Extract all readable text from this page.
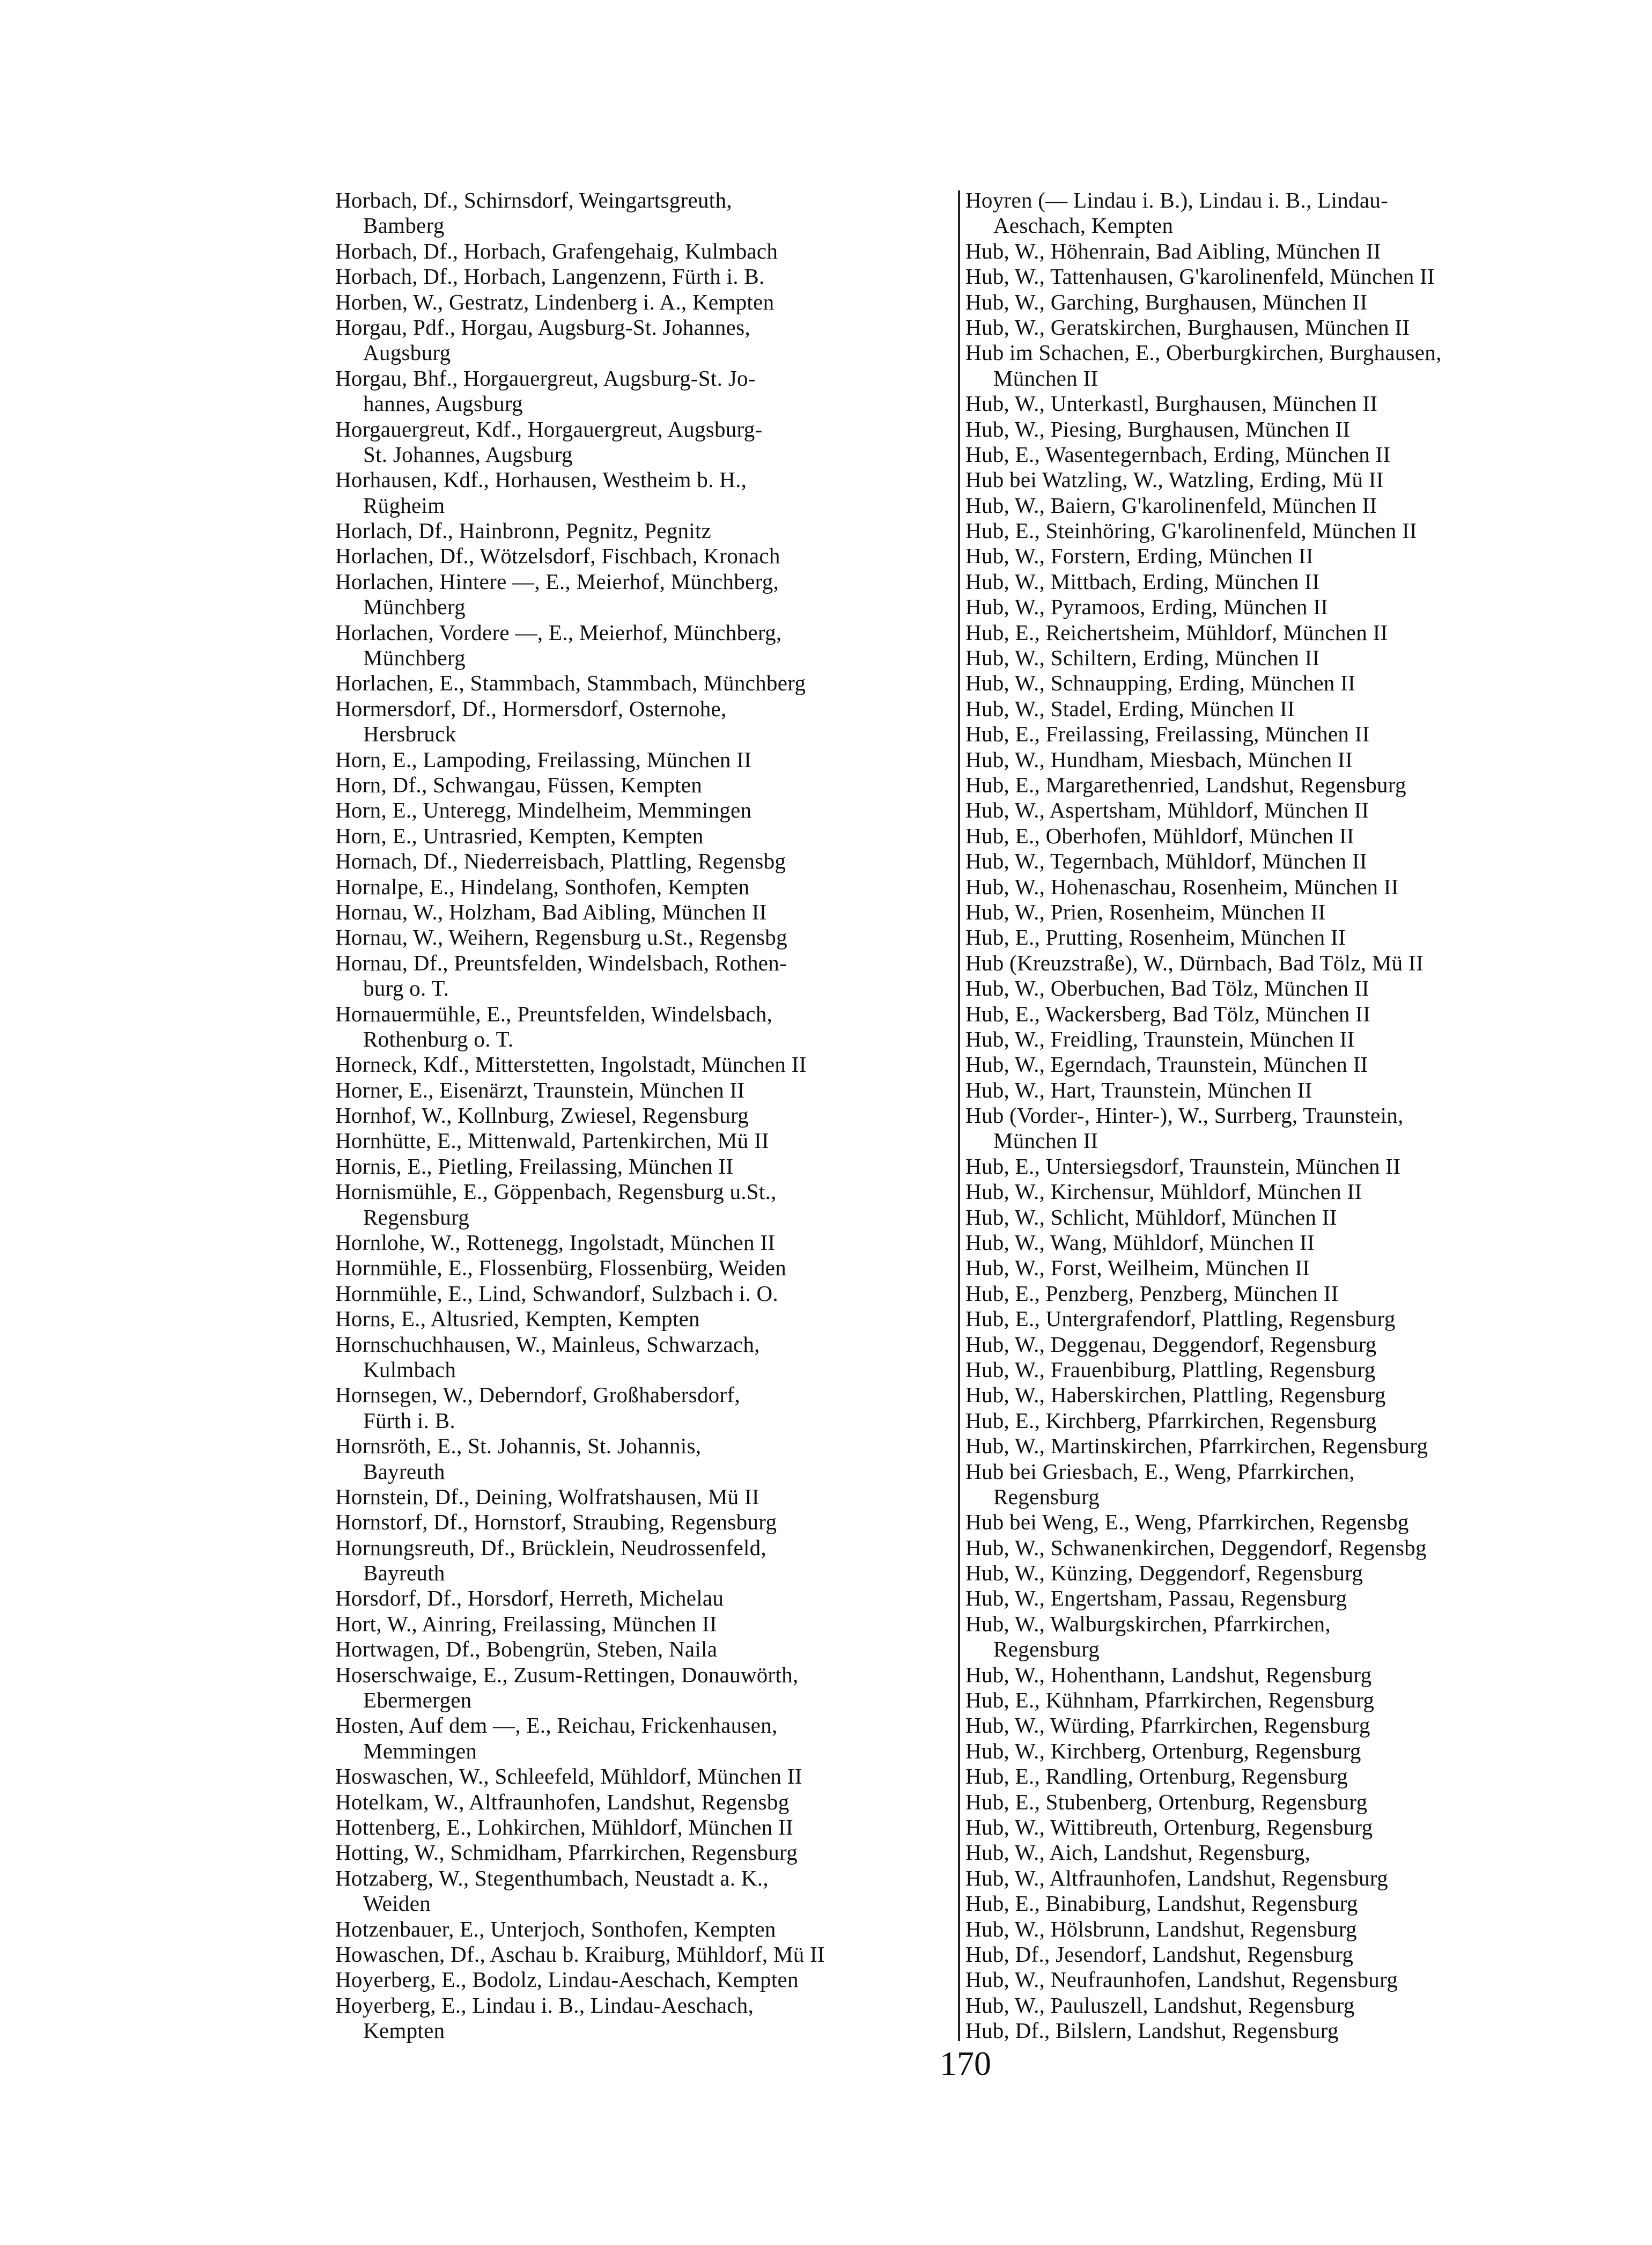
Horbach, Df., Schirnsdorf, Weingartsgreuth,
Bamberg
Horbach, Df., Horbach, Grafengehaig, Kulmbach
Horbach, Df., Horbach, Langenzenn, Fürth i. B.
Horben, W., Gestratz, Lindenberg i. A., Kempten
Horgau, Pdf., Horgau, Augsburg-St. Johannes,
Augsburg
Horgau, Bhf., Horgauergreut, Augsburg-St. Jo-
hannes, Augsburg
Horgauergreut, Kdf., Horgauergreut, Augsburg-
St. Johannes, Augsburg
Horhausen, Kdf., Horhausen, Westheim b. H.,
Rügheim
Horlach, Df., Hainbronn, Pegnitz, Pegnitz
Horlachen, Df., Wötzelsdorf, Fischbach, Kronach
Horlachen, Hintere —, E., Meierhof, Münchberg,
Münchberg
Horlachen, Vordere —, E., Meierhof, Münchberg,
Münchberg
Horlachen, E., Stammbach, Stammbach, Münchberg
Hormersdorf, Df., Hormersdorf, Osternohe,
Hersbruck
Horn, E., Lampoding, Freilassing, München II
Horn, Df., Schwangau, Füssen, Kempten
Horn, E., Unteregg, Mindelheim, Memmingen
Horn, E., Untrasried, Kempten, Kempten
Hornach, Df., Niederreisbach, Plattling, Regensbg
Hornalpe, E., Hindelang, Sonthofen, Kempten
Hornau, W., Holzham, Bad Aibling, München II
Hornau, W., Weihern, Regensburg u.St., Regensbg
Hornau, Df., Preuntsfelden, Windelsbach, Rothen-
burg o. T.
Hornauermühle, E., Preuntsfelden, Windelsbach,
Rothenburg o. T.
Horneck, Kdf., Mitterstetten, Ingolstadt, München II
Horner, E., Eisenärzt, Traunstein, München II
Hornhof, W., Kollnburg, Zwiesel, Regensburg
Hornhütte, E., Mittenwald, Partenkirchen, Mü II
Hornis, E., Pietling, Freilassing, München II
Hornismühle, E., Göppenbach, Regensburg u.St.,
Regensburg
Hornlohe, W., Rottenegg, Ingolstadt, München II
Hornmühle, E., Flossenbürg, Flossenbürg, Weiden
Hornmühle, E., Lind, Schwandorf, Sulzbach i. O.
Horns, E., Altusried, Kempten, Kempten
Hornschuchhausen, W., Mainleus, Schwarzach,
Kulmbach
Hornsegen, W., Deberndorf, Großhabersdorf,
Fürth i. B.
Hornsröth, E., St. Johannis, St. Johannis,
Bayreuth
Hornstein, Df., Deining, Wolfratshausen, Mü II
Hornstorf, Df., Hornstorf, Straubing, Regensburg
Hornungsreuth, Df., Brücklein, Neudrossenfeld,
Bayreuth
Horsdorf, Df., Horsdorf, Herreth, Michelau
Hort, W., Ainring, Freilassing, München II
Hortwagen, Df., Bobengrün, Steben, Naila
Hoserschwaige, E., Zusum-Rettingen, Donauwörth,
Ebermergen
Hosten, Auf dem —, E., Reichau, Frickenhausen,
Memmingen
Hoswaschen, W., Schleefeld, Mühldorf, München II
Hotelkam, W., Altfraunhofen, Landshut, Regensbg
Hottenberg, E., Lohkirchen, Mühldorf, München II
Hotting, W., Schmidham, Pfarrkirchen, Regensburg
Hotzaberg, W., Stegenthumbach, Neustadt a. K.,
Weiden
Hotzenbauer, E., Unterjoch, Sonthofen, Kempten
Howaschen, Df., Aschau b. Kraiburg, Mühldorf, Mü II
Hoyerberg, E., Bodolz, Lindau-Aeschach, Kempten
Hoyerberg, E., Lindau i. B., Lindau-Aeschach,
Kempten
Hoyren (— Lindau i. B.), Lindau i. B., Lindau-
Aeschach, Kempten
Hub, W., Höhenrain, Bad Aibling, München II
Hub, W., Tattenhausen, G'karolinenfeld, München II
Hub, W., Garching, Burghausen, München II
Hub, W., Geratskirchen, Burghausen, München II
Hub im Schachen, E., Oberburgkirchen, Burghausen,
München II
Hub, W., Unterkastl, Burghausen, München II
Hub, W., Piesing, Burghausen, München II
Hub, E., Wasentegernbach, Erding, München II
Hub bei Watzling, W., Watzling, Erding, Mü II
Hub, W., Baiern, G'karolinenfeld, München II
Hub, E., Steinhöring, G'karolinenfeld, München II
Hub, W., Forstern, Erding, München II
Hub, W., Mittbach, Erding, München II
Hub, W., Pyramoos, Erding, München II
Hub, E., Reichertsheim, Mühldorf, München II
Hub, W., Schiltern, Erding, München II
Hub, W., Schnaupping, Erding, München II
Hub, W., Stadel, Erding, München II
Hub, E., Freilassing, Freilassing, München II
Hub, W., Hundham, Miesbach, München II
Hub, E., Margarethenried, Landshut, Regensburg
Hub, W., Aspertsham, Mühldorf, München II
Hub, E., Oberhofen, Mühldorf, München II
Hub, W., Tegernbach, Mühldorf, München II
Hub, W., Hohenaschau, Rosenheim, München II
Hub, W., Prien, Rosenheim, München II
Hub, E., Prutting, Rosenheim, München II
Hub (Kreuzstraße), W., Dürnbach, Bad Tölz, Mü II
Hub, W., Oberbuchen, Bad Tölz, München II
Hub, E., Wackersberg, Bad Tölz, München II
Hub, W., Freidling, Traunstein, München II
Hub, W., Egerndach, Traunstein, München II
Hub, W., Hart, Traunstein, München II
Hub (Vorder-, Hinter-), W., Surrberg, Traunstein,
München II
Hub, E., Untersiegsdorf, Traunstein, München II
Hub, W., Kirchensur, Mühldorf, München II
Hub, W., Schlicht, Mühldorf, München II
Hub, W., Wang, Mühldorf, München II
Hub, W., Forst, Weilheim, München II
Hub, E., Penzberg, Penzberg, München II
Hub, E., Untergrafendorf, Plattling, Regensburg
Hub, W., Deggenau, Deggendorf, Regensburg
Hub, W., Frauenbiburg, Plattling, Regensburg
Hub, W., Haberskirchen, Plattling, Regensburg
Hub, E., Kirchberg, Pfarrkirchen, Regensburg
Hub, W., Martinskirchen, Pfarrkirchen, Regensburg
Hub bei Griesbach, E., Weng, Pfarrkirchen,
Regensburg
Hub bei Weng, E., Weng, Pfarrkirchen, Regensbg
Hub, W., Schwanenkirchen, Deggendorf, Regensbg
Hub, W., Künzing, Deggendorf, Regensburg
Hub, W., Engertsham, Passau, Regensburg
Hub, W., Walburgskirchen, Pfarrkirchen,
Regensburg
Hub, W., Hohenthann, Landshut, Regensburg
Hub, E., Kühnham, Pfarrkirchen, Regensburg
Hub, W., Würding, Pfarrkirchen, Regensburg
Hub, W., Kirchberg, Ortenburg, Regensburg
Hub, E., Randling, Ortenburg, Regensburg
Hub, E., Stubenberg, Ortenburg, Regensburg
Hub, W., Wittibreuth, Ortenburg, Regensburg
Hub, W., Aich, Landshut, Regensburg,
Hub, W., Altfraunhofen, Landshut, Regensburg
Hub, E., Binabiburg, Landshut, Regensburg
Hub, W., Hölsbrunn, Landshut, Regensburg
Hub, Df., Jesendorf, Landshut, Regensburg
Hub, W., Neufraunhofen, Landshut, Regensburg
Hub, W., Pauluszell, Landshut, Regensburg
Hub, Df., Bilslern, Landshut, Regensburg
170
